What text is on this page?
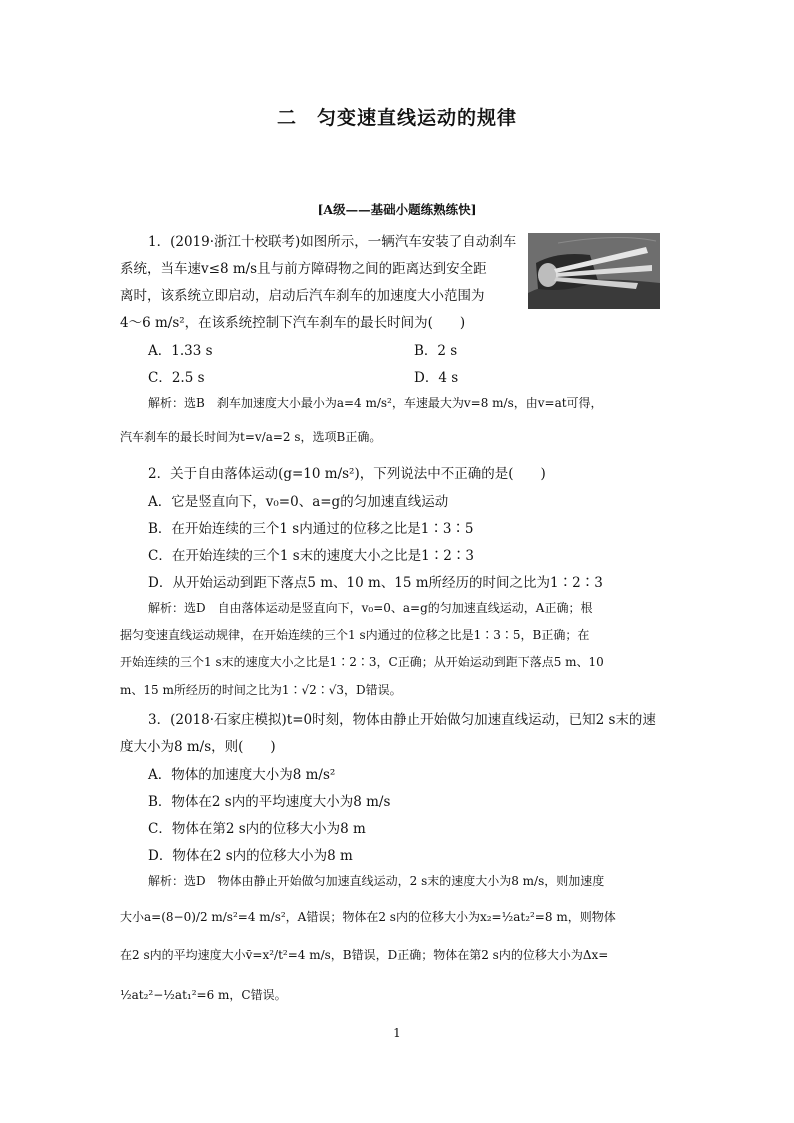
二　匀变速直线运动的规律
[A级——基础小题练熟练快]
1．(2019·浙江十校联考)如图所示，一辆汽车安装了自动刹车
系统，当车速v≤8 m/s且与前方障碍物之间的距离达到安全距
离时，该系统立即启动，启动后汽车刹车的加速度大小范围为
4～6 m/s²，在该系统控制下汽车刹车的最长时间为(　　)
A．1.33 s	B．2 s
C．2.5 s	D．4 s
解析：选B　刹车加速度大小最小为a=4 m/s²，车速最大为v=8 m/s，由v=at可得，
汽车刹车的最长时间为t=v/a=2 s，选项B正确。
2．关于自由落体运动(g=10 m/s²)，下列说法中不正确的是(　　)
A．它是竖直向下，v₀=0、a=g的匀加速直线运动
B．在开始连续的三个1 s内通过的位移之比是1∶3∶5
C．在开始连续的三个1 s末的速度大小之比是1∶2∶3
D．从开始运动到距下落点5 m、10 m、15 m所经历的时间之比为1∶2∶3
解析：选D　自由落体运动是竖直向下，v₀=0、a=g的匀加速直线运动，A正确；根
据匀变速直线运动规律，在开始连续的三个1 s内通过的位移之比是1∶3∶5，B正确；在
开始连续的三个1 s末的速度大小之比是1∶2∶3，C正确；从开始运动到距下落点5 m、10
m、15 m所经历的时间之比为1∶√2∶√3，D错误。
3．(2018·石家庄模拟)t=0时刻，物体由静止开始做匀加速直线运动，已知2 s末的速
度大小为8 m/s，则(　　)
A．物体的加速度大小为8 m/s²
B．物体在2 s内的平均速度大小为8 m/s
C．物体在第2 s内的位移大小为8 m
D．物体在2 s内的位移大小为8 m
解析：选D　物体由静止开始做匀加速直线运动，2 s末的速度大小为8 m/s，则加速度
大小a=(8−0)/2 m/s²=4 m/s²，A错误；物体在2 s内的位移大小为x₂=½at₂²=8 m，则物体
在2 s内的平均速度大小v̄=x²/t²=4 m/s，B错误，D正确；物体在第2 s内的位移大小为Δx=
½at₂²−½at₁²=6 m，C错误。
1
